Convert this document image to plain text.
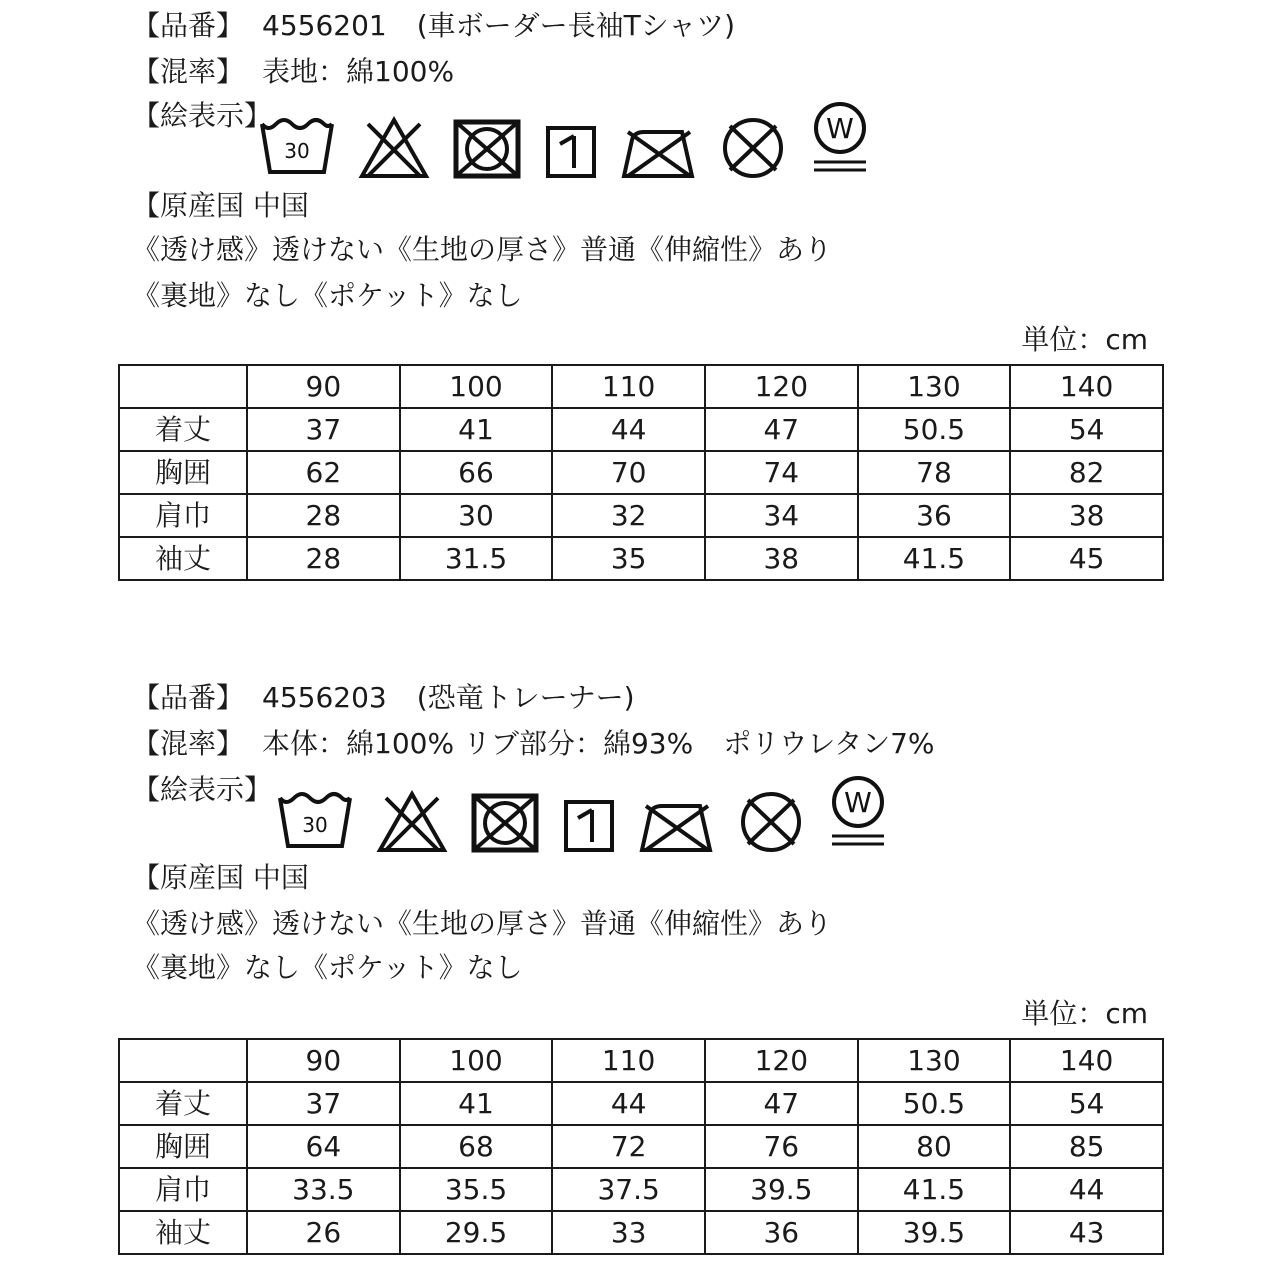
【品番】 4556201 (車ボーダー長袖Tシャツ)
【混率】 表地：綿100%
【絵表示】
30
W
【原産国 中国
《透け感》透けない《生地の厚さ》普通《伸縮性》あり
《裏地》なし《ポケット》なし
単位：cm
	90	100	110	120	130	140
着丈	37	41	44	47	50.5	54
胸囲	62	66	70	74	78	82
肩巾	28	30	32	34	36	38
袖丈	28	31.5	35	38	41.5	45
【品番】 4556203 (恐竜トレーナー)
【混率】 本体：綿100% リブ部分：綿93% ポリウレタン7%
【絵表示】
30
W
【原産国 中国
《透け感》透けない《生地の厚さ》普通《伸縮性》あり
《裏地》なし《ポケット》なし
単位：cm
	90	100	110	120	130	140
着丈	37	41	44	47	50.5	54
胸囲	64	68	72	76	80	85
肩巾	33.5	35.5	37.5	39.5	41.5	44
袖丈	26	29.5	33	36	39.5	43
